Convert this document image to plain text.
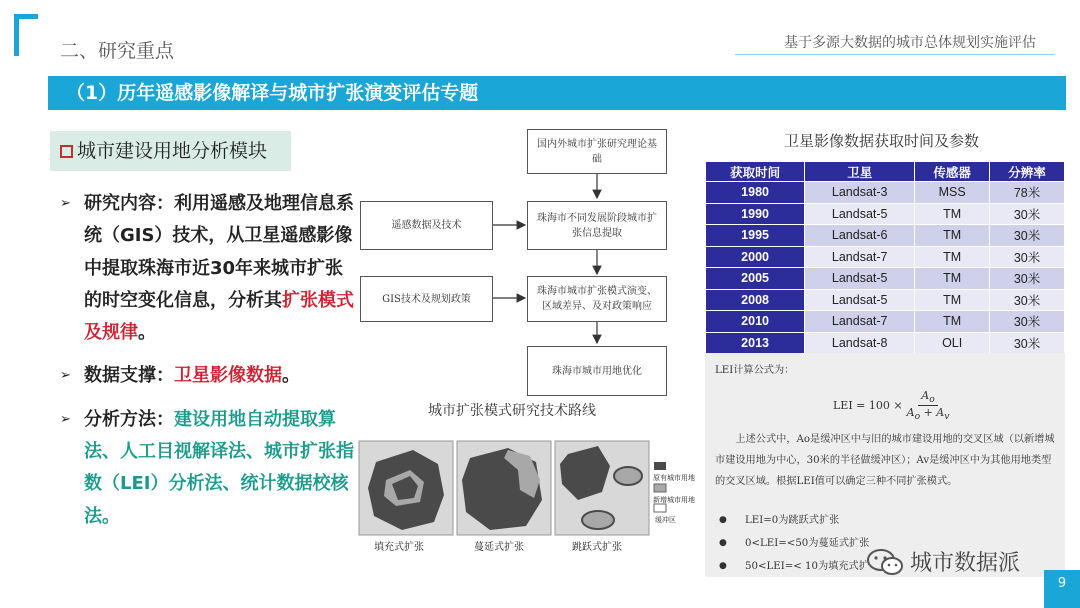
二、研究重点	基于多源大数据的城市总体规划实施评估
（1）历年遥感影像解译与城市扩张演变评估专题
城市建设用地分析模块
➢ 研究内容：利用遥感及地理信息系统（GIS）技术，从卫星遥感影像中提取珠海市近30年来城市扩张的时空变化信息，分析其扩张模式及规律。
➢ 数据支撑：卫星影像数据。
➢ 分析方法：建设用地自动提取算法、人工目视解译法、城市扩张指数（LEI）分析法、统计数据校核法。
国内外城市扩张研究理论基础
遥感数据及技术
珠海市不同发展阶段城市扩张信息提取
GIS技术及规划政策
珠海市城市扩张模式演变、区域差异、及对政策响应
珠海市城市用地优化
城市扩张模式研究技术路线
填充式扩张	蔓延式扩张	跳跃式扩张
原有城市用地
新增城市用地
缓冲区
卫星影像数据获取时间及参数
获取时间	卫星	传感器	分辨率
1980	Landsat-3	MSS	78米
1990	Landsat-5	TM	30米
1995	Landsat-6	TM	30米
2000	Landsat-7	TM	30米
2005	Landsat-5	TM	30米
2008	Landsat-5	TM	30米
2010	Landsat-7	TM	30米
2013	Landsat-8	OLI	30米
LEI计算公式为：
LEI = $100 \times \frac{A_o}{A_o + A_v}$
上述公式中，Ao是缓冲区中与旧的城市建设用地的交叉区域（以新增城市建设用地为中心，30米的半径做缓冲区）；Av是缓冲区中为其他用地类型的交叉区域。根据LEI值可以确定三种不同扩张模式。
● LEI=0为跳跃式扩张
● 0<LEI=<50为蔓延式扩张
● 50<LEI=< 10为填充式扩 城市数据派
9
